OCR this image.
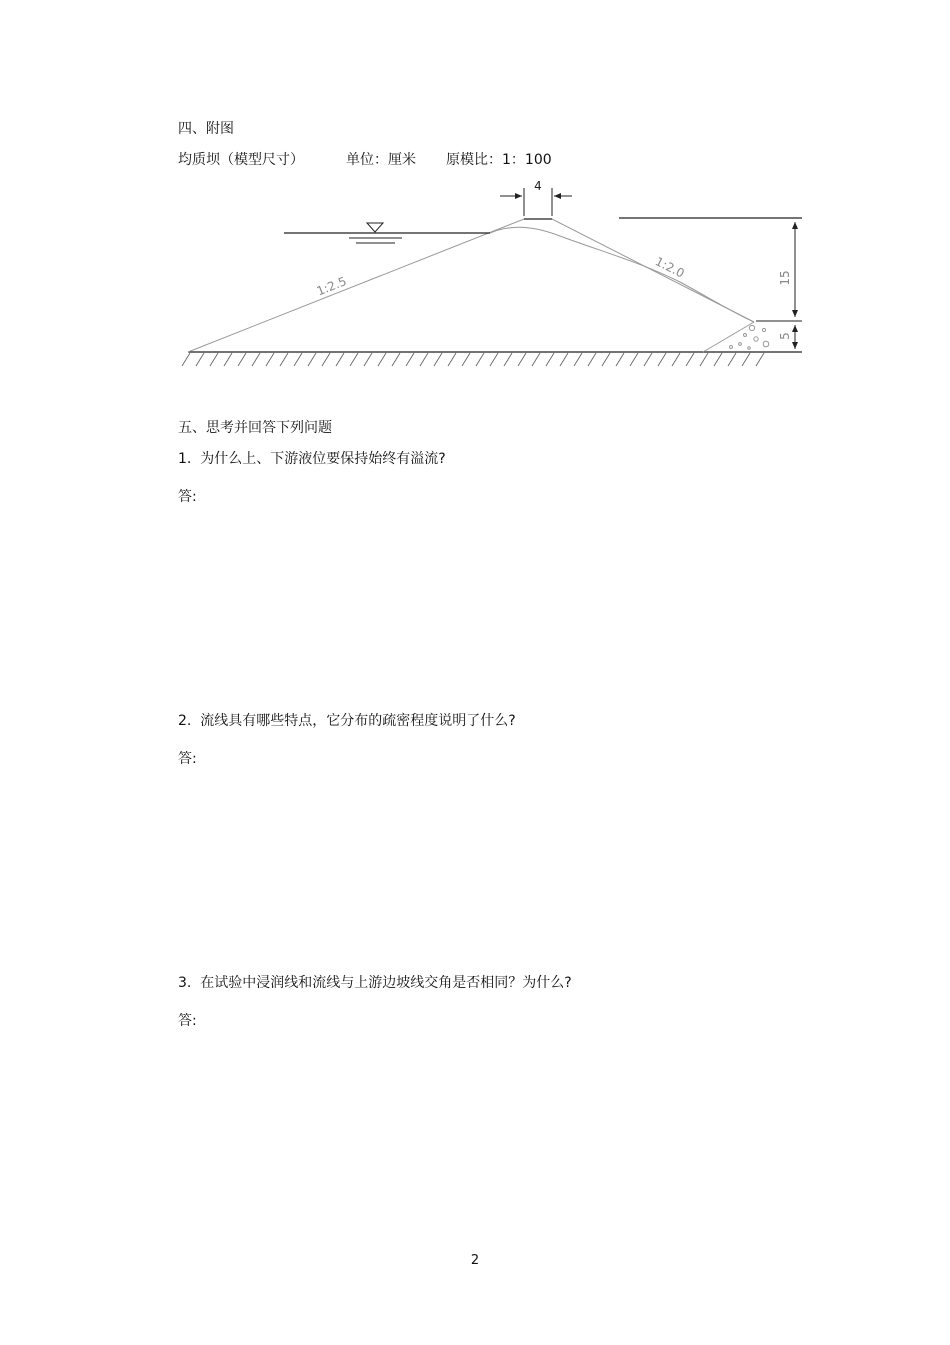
四、附图
均质坝（模型尺寸）	单位：厘米 原模比：1：100
4
1:2.5
1:2.0	15
5
五、思考并回答下列问题
1. 为什么上、下游液位要保持始终有溢流?
答:
2. 流线具有哪些特点，它分布的疏密程度说明了什么?
答:
3. 在试验中浸润线和流线与上游边坡线交角是否相同？为什么?
答:
2
